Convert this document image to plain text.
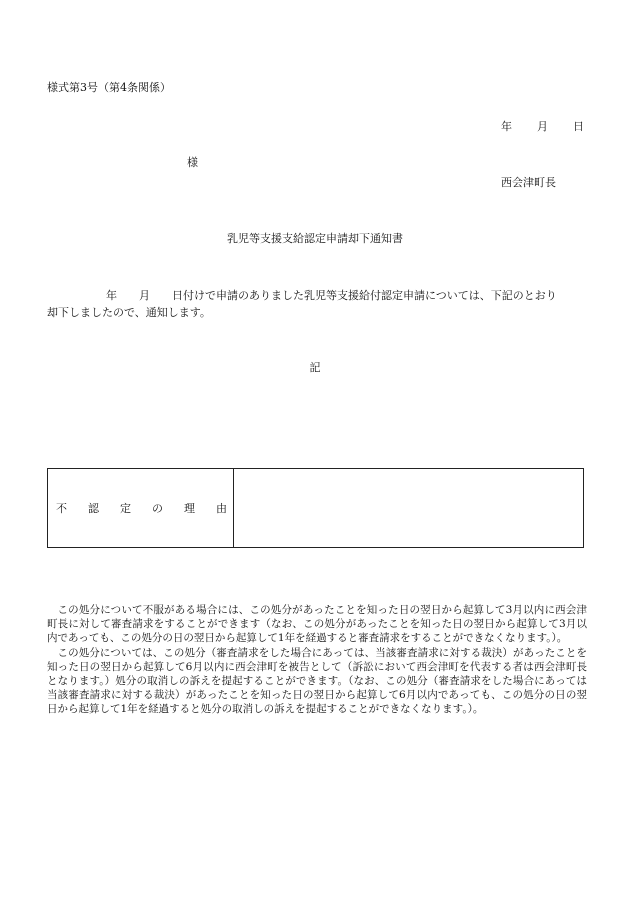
様式第3号（第4条関係）
年 月 日
様
西会津町長
乳児等支援支給認定申請却下通知書
年　　月　　日付けで申請のありました乳児等支援給付認定申請については、下記のとおり
却下しましたので、通知します。
記
不 認 定 の 理 由

この処分について不服がある場合には、この処分があったことを知った日の翌日から起算して3月以内に西会津町長に対して審査請求をすることができます（なお、この処分があったことを知った日の翌日から起算して3月以内であっても、この処分の日の翌日から起算して1年を経過すると審査請求をすることができなくなります。）。

この処分については、この処分（審査請求をした場合にあっては、当該審査請求に対する裁決）があったことを知った日の翌日から起算して6月以内に西会津町を被告として（訴訟において西会津町を代表する者は西会津町長となります。）処分の取消しの訴えを提起することができます。（なお、この処分（審査請求をした場合にあっては当該審査請求に対する裁決）があったことを知った日の翌日から起算して6月以内であっても、この処分の日の翌日から起算して1年を経過すると処分の取消しの訴えを提起することができなくなります。）。
